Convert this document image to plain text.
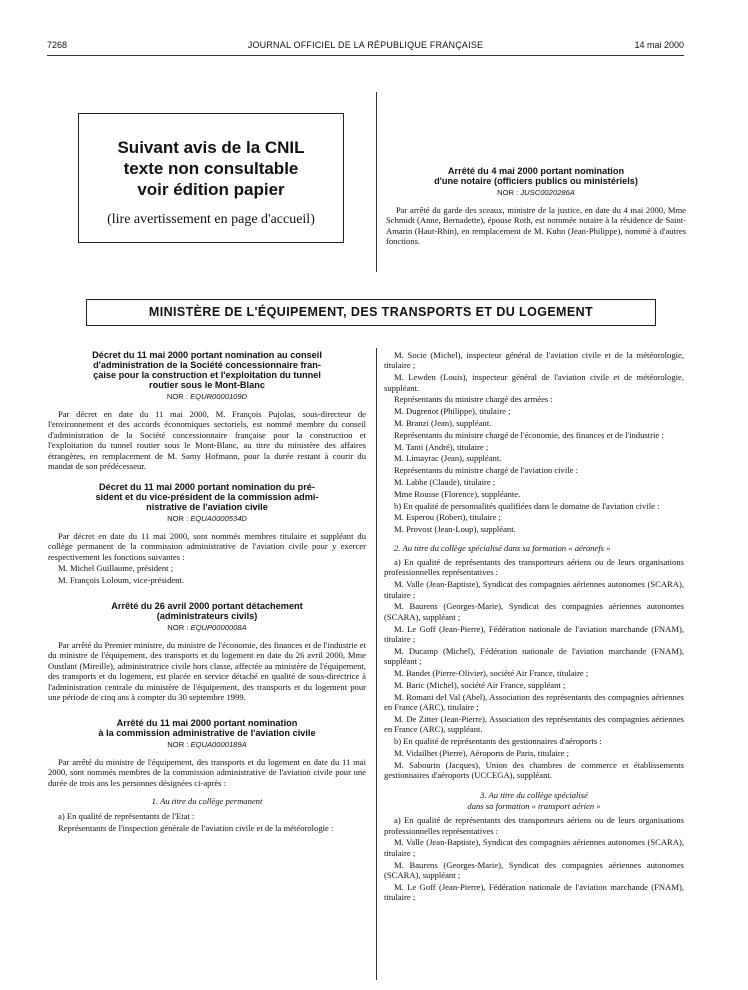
7268	JOURNAL OFFICIEL DE LA RÉPUBLIQUE FRANÇAISE	14 mai 2000
Suivant avis de la CNIL
texte non consultable
voir édition papier
(lire avertissement en page d'accueil)
Arrêté du 4 mai 2000 portant nomination
d'une notaire (officiers publics ou ministériels)
NOR : JUSC0020286A

Par arrêté du garde des sceaux, ministre de la justice, en date du 4 mai 2000, Mme Schmidt (Anne, Bernadette), épouse Roth, est nommée notaire à la résidence de Saint-Amarin (Haut-Rhin), en remplacement de M. Kuhn (Jean-Philippe), nommé à d'autres fonctions.

MINISTÈRE DE L'ÉQUIPEMENT, DES TRANSPORTS ET DU LOGEMENT
Décret du 11 mai 2000 portant nomination au conseil
d'administration de la Société concessionnaire fran-
çaise pour la construction et l'exploitation du tunnel
routier sous le Mont-Blanc
NOR : EQUR0000109D

Par décret en date du 11 mai 2000, M. François Pujolas, sous-directeur de l'environnement et des accords économiques sectoriels, est nommé membre du conseil d'administration de la Société concessionnaire française pour la construction et l'exploitation du tunnel routier sous le Mont-Blanc, au titre du ministère des affaires étrangères, en remplacement de M. Samy Hofmann, pour la durée restant à courir du mandat de son prédécesseur.

Décret du 11 mai 2000 portant nomination du pré-
sident et du vice-président de la commission admi-
nistrative de l'aviation civile
NOR : EQUA0000534D

Par décret en date du 11 mai 2000, sont nommés membres titulaire et suppléant du collège permanent de la commission administrative de l'aviation civile pour y exercer respectivement les fonctions suivantes :

M. Michel Guillaume, président ;

M. François Loloum, vice-président.

Arrêté du 26 avril 2000 portant détachement
(administrateurs civils)
NOR : EQUP0000008A

Par arrêté du Premier ministre, du ministre de l'économie, des finances et de l'industrie et du ministre de l'équipement, des transports et du logement en date du 26 avril 2000, Mme Oustlant (Mireille), administratrice civile hors classe, affectée au ministère de l'équipement, des transports et du logement, est placée en service détaché en qualité de sous-directrice à l'administration centrale du ministère de l'équipement, des transports et du logement pour une période de cinq ans à compter du 30 septembre 1999.

Arrêté du 11 mai 2000 portant nomination
à la commission administrative de l'aviation civile
NOR : EQUA0000189A

Par arrêté du ministre de l'équipement, des transports et du logement en date du 11 mai 2000, sont nommés membres de la commission administrative de l'aviation civile pour une durée de trois ans les personnes désignées ci-après :

1. Au titre du collège permanent

a) En qualité de représentants de l'Etat :

Représentants de l'inspection générale de l'aviation civile et de la météorologie :

M. Socie (Michel), inspecteur général de l'aviation civile et de la météorologie, titulaire ;

M. Lewden (Louis), inspecteur général de l'aviation civile et de météorologie, suppléant.

Représentants du ministre chargé des armées :

M. Dugrenot (Philippe), titulaire ;

M. Branzi (Jean), suppléant.

Représentants du ministre chargé de l'économie, des finances et de l'industrie :

M. Tanti (André), titulaire ;

M. Limayrac (Jean), suppléant.

Représentants du ministre chargé de l'aviation civile :

M. Labbe (Claude), titulaire ;

Mme Rousse (Florence), suppléante.

b) En qualité de personnalités qualifiées dans le domaine de l'aviation civile :

M. Esperou (Robert), titulaire ;

M. Provost (Jean-Loup), suppléant.

2. Au titre du collège spécialisé dans sa formation « aéronefs »

a) En qualité de représentants des transporteurs aériens ou de leurs organisations professionnelles représentatives :

M. Valle (Jean-Baptiste), Syndicat des compagnies aériennes autonomes (SCARA), titulaire ;

M. Baurens (Georges-Marie), Syndicat des compagnies aériennes autonomes (SCARA), suppléant ;

M. Le Goff (Jean-Pierre), Fédération nationale de l'aviation marchande (FNAM), titulaire ;

M. Ducamp (Michel), Fédération nationale de l'aviation marchande (FNAM), suppléant ;

M. Bandet (Pierre-Olivier), société Air France, titulaire ;

M. Baric (Michel), société Air France, suppléant ;

M. Romani del Val (Abel), Association des représentants des compagnies aériennes en France (ARC), titulaire ;

M. De Zitter (Jean-Pierre), Association des représentants des compagnies aériennes en France (ARC), suppléant.

b) En qualité de représentants des gestionnaires d'aéroports :

M. Vidailhet (Pierre), Aéroports de Paris, titulaire ;

M. Sabourin (Jacques), Union des chambres de commerce et établissements gestionnaires d'aéroports (UCCEGA), suppléant.

3. Au titre du collège spécialisé
dans sa formation « transport aérien »

a) En qualité de représentants des transporteurs aériens ou de leurs organisations professionnelles représentatives :

M. Valle (Jean-Baptiste), Syndicat des compagnies aériennes autonomes (SCARA), titulaire ;

M. Baurens (Georges-Marie), Syndicat des compagnies aériennes autonomes (SCARA), suppléant ;

M. Le Goff (Jean-Pierre), Fédération nationale de l'aviation marchande (FNAM), titulaire ;
